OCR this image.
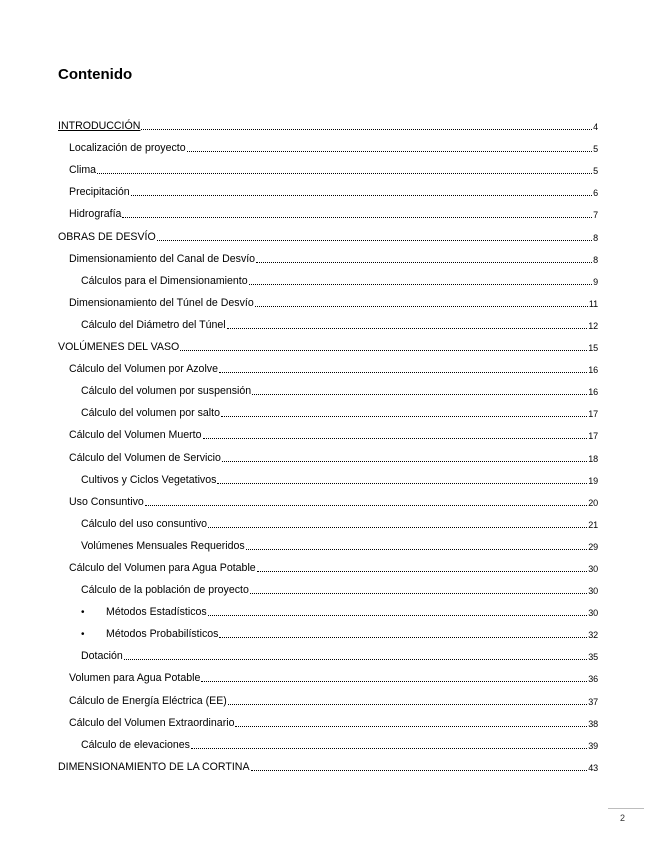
Contenido
INTRODUCCIÓN	4
Localización de proyecto	5
Clima	5
Precipitación	6
Hidrografía	7
OBRAS DE DESVÍO	8
Dimensionamiento del Canal de Desvío	8
Cálculos para el Dimensionamiento	9
Dimensionamiento del Túnel de Desvío	11
Cálculo del Diámetro del Túnel	12
VOLÚMENES DEL VASO	15
Cálculo del Volumen por Azolve	16
Cálculo del volumen por suspensión	16
Cálculo del volumen por salto	17
Cálculo del Volumen Muerto	17
Cálculo del Volumen de Servicio	18
Cultivos y Ciclos Vegetativos	19
Uso Consuntivo	20
Cálculo del uso consuntivo	21
Volúmenes Mensuales Requeridos	29
Cálculo del Volumen para Agua Potable	30
Cálculo de la población de proyecto	30
•	Métodos Estadísticos	30
•	Métodos Probabilísticos	32
Dotación	35
Volumen para Agua Potable	36
Cálculo de Energía Eléctrica (EE)	37
Cálculo del Volumen Extraordinario	38
Cálculo de elevaciones	39
DIMENSIONAMIENTO DE LA CORTINA	43
2
